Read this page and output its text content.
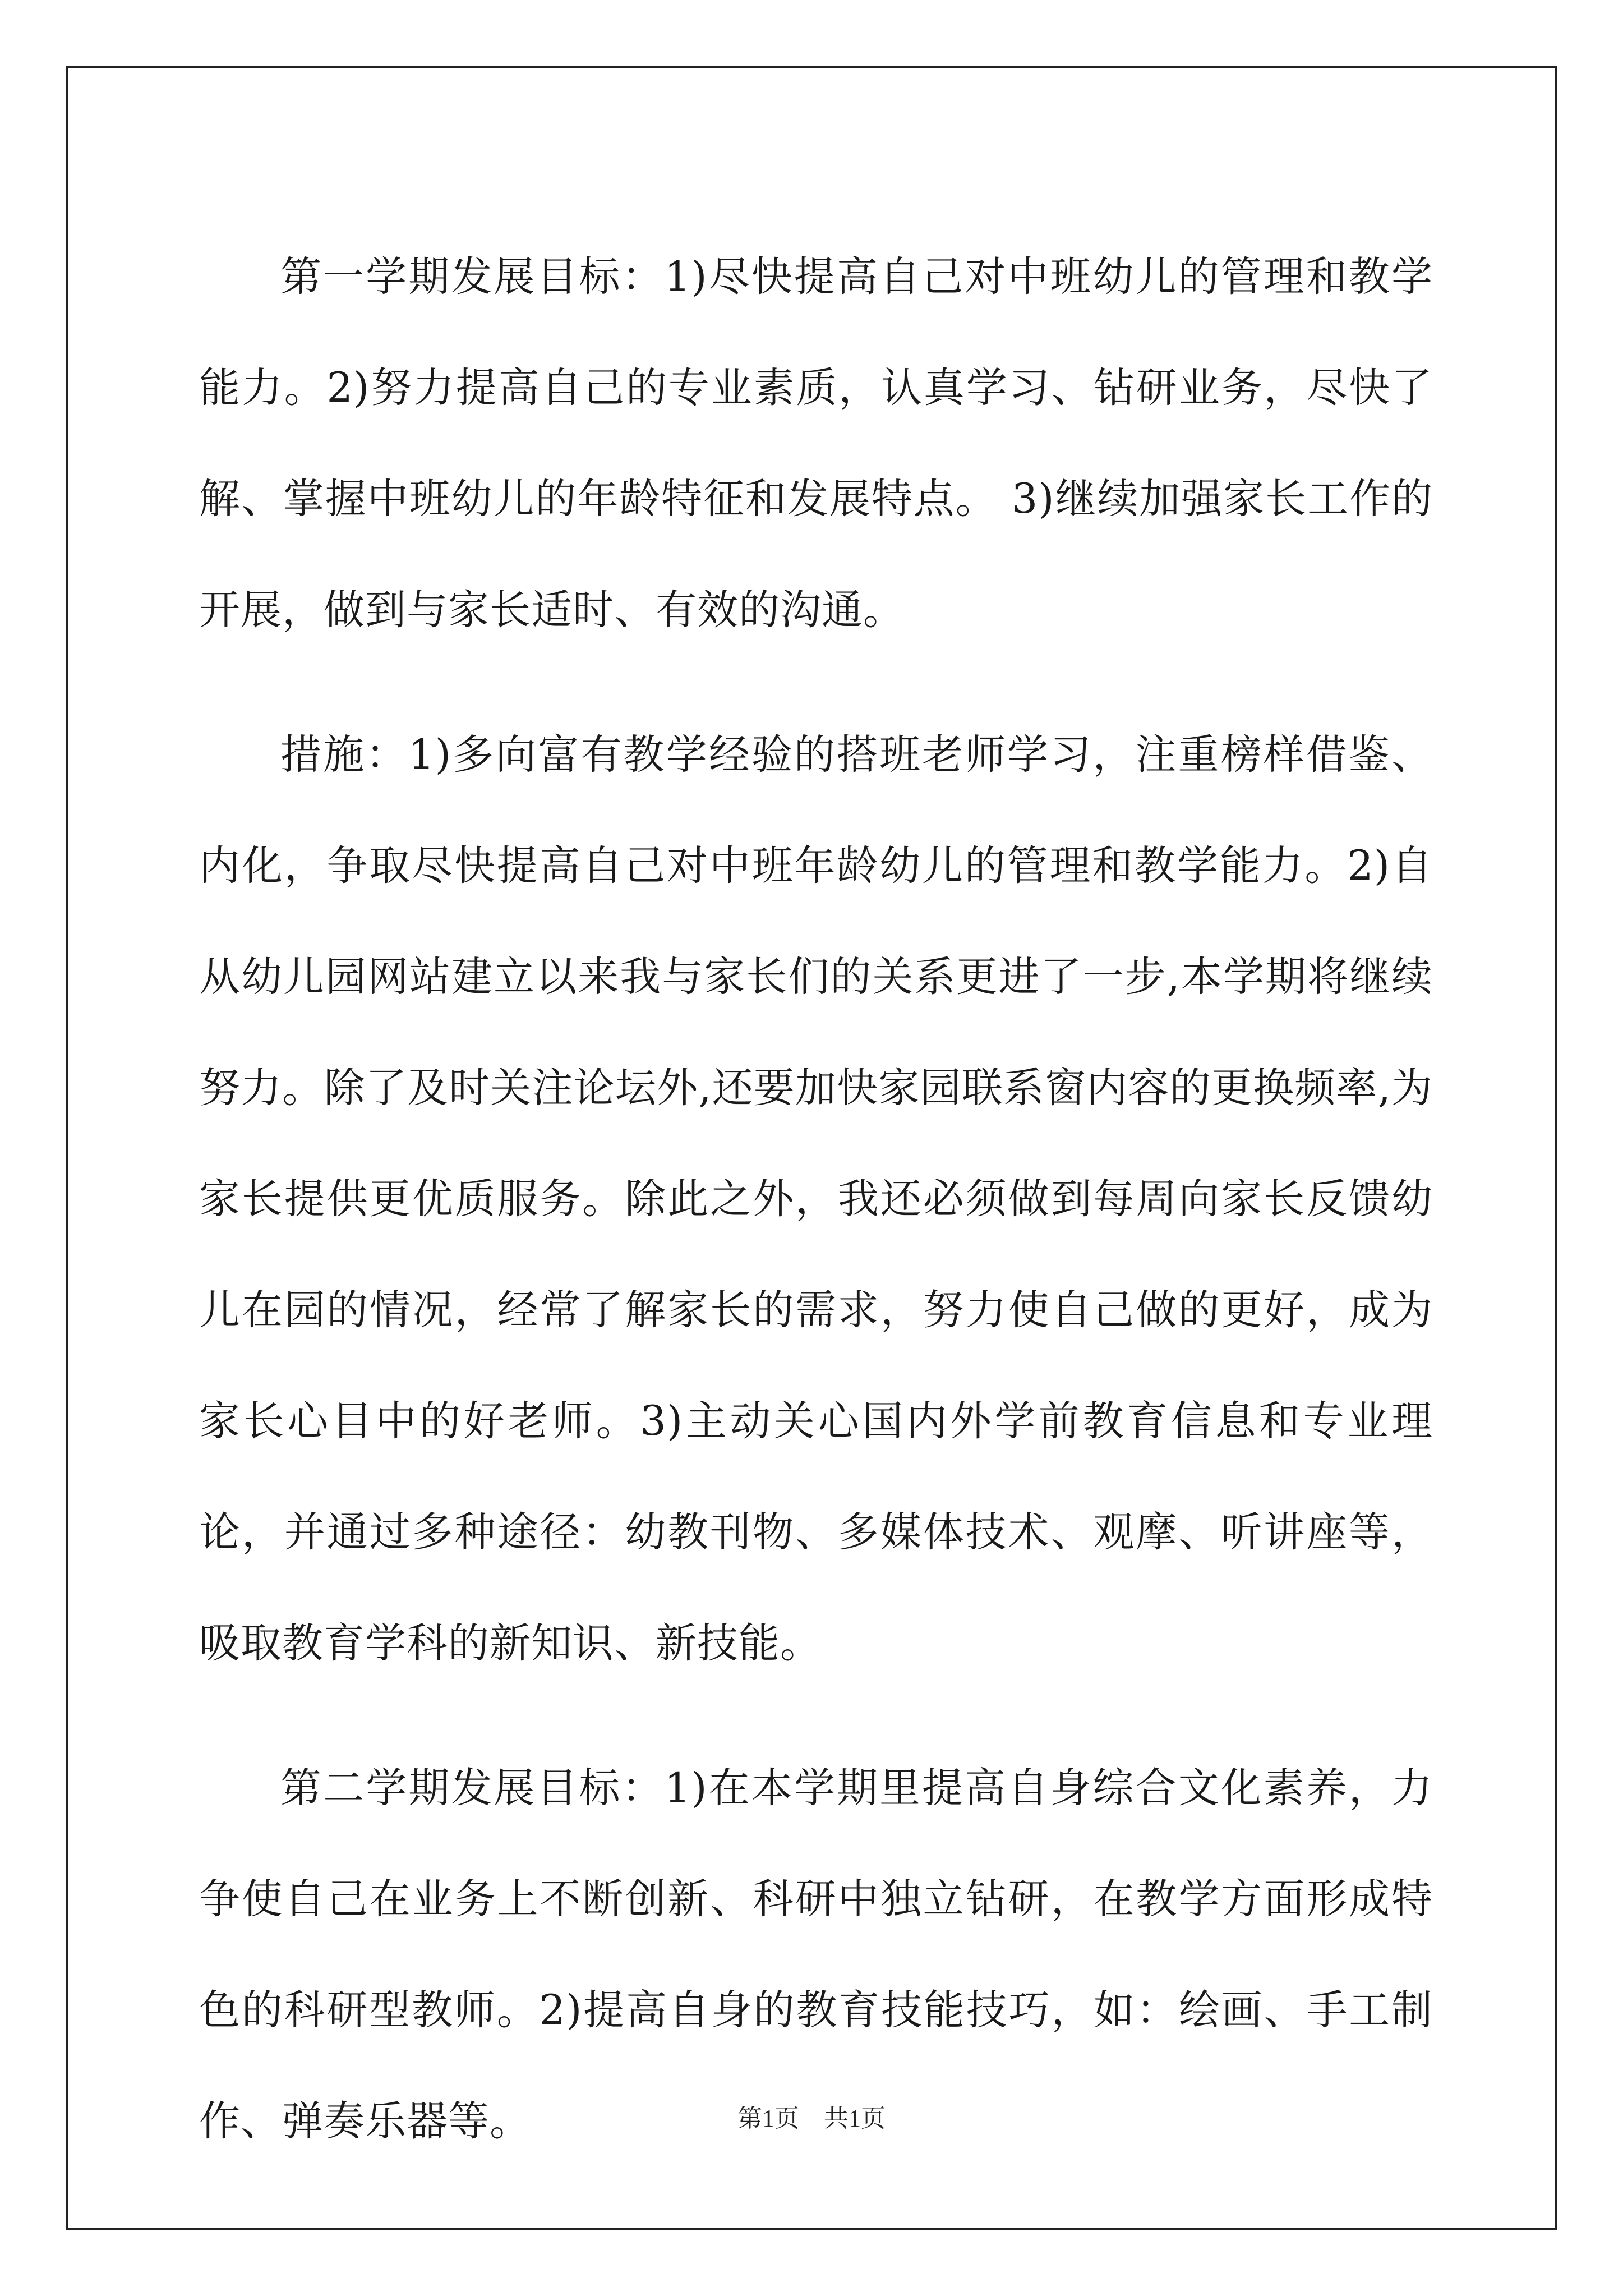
第一学期发展目标：1)尽快提高自己对中班幼儿的管理和教学能力。2)努力提高自己的专业素质，认真学习、钻研业务，尽快了解、掌握中班幼儿的年龄特征和发展特点。 3)继续加强家长工作的开展，做到与家长适时、有效的沟通。

措施：1)多向富有教学经验的搭班老师学习，注重榜样借鉴、内化，争取尽快提高自己对中班年龄幼儿的管理和教学能力。2)自从幼儿园网站建立以来我与家长们的关系更进了一步,本学期将继续努力。除了及时关注论坛外,还要加快家园联系窗内容的更换频率,为家长提供更优质服务。除此之外，我还必须做到每周向家长反馈幼儿在园的情况，经常了解家长的需求，努力使自己做的更好，成为家长心目中的好老师。3)主动关心国内外学前教育信息和专业理论，并通过多种途径：幼教刊物、多媒体技术、观摩、听讲座等，吸取教育学科的新知识、新技能。

第二学期发展目标：1)在本学期里提高自身综合文化素养，力争使自己在业务上不断创新、科研中独立钻研，在教学方面形成特色的科研型教师。2)提高自身的教育技能技巧，如：绘画、手工制作、弹奏乐器等。	第1页　共1页
